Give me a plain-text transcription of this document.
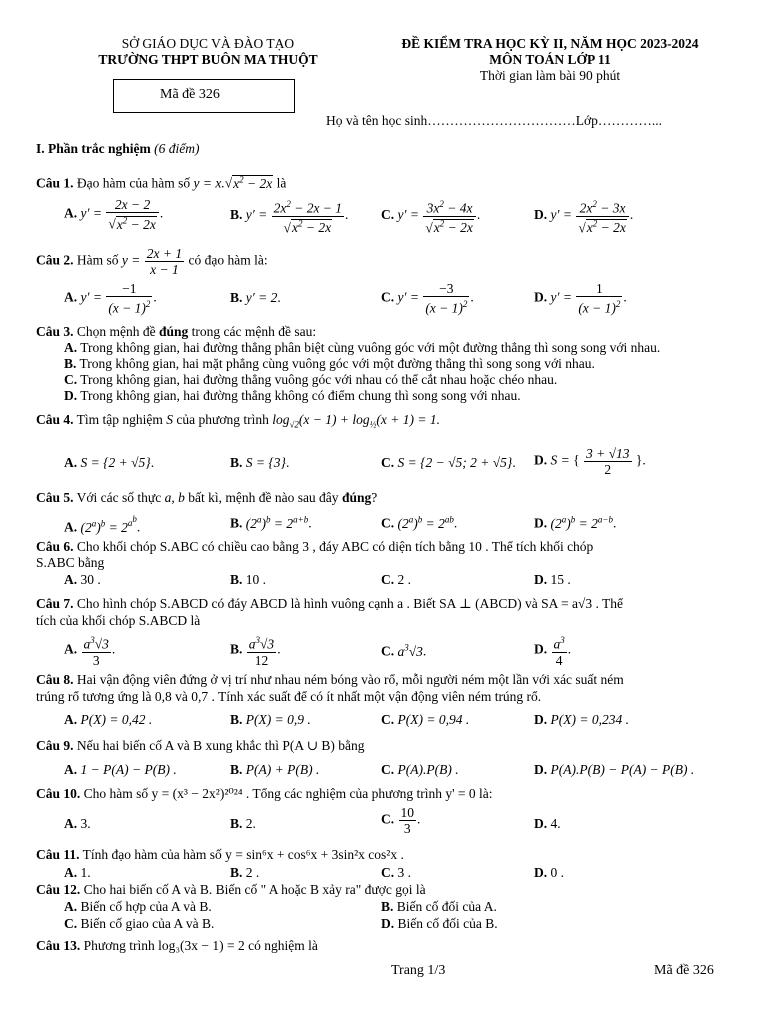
SỞ GIÁO DỤC VÀ ĐÀO TẠO
TRƯỜNG THPT BUÔN MA THUỘT
ĐỀ KIỂM TRA HỌC KỲ II, NĂM HỌC 2023-2024
MÔN TOÁN LỚP 11
Thời gian làm bài 90 phút
Mã đề 326
Họ và tên học sinh……………………………Lớp…………...
I. Phần trắc nghiệm (6 điểm)
Câu 1. Đạo hàm của hàm số $y = x.√x^2 - 2x$ là
A. $y' = \frac{2x - 2}{√x^2 - 2x}$ .	B. $y' = \frac{2x^2 - 2x - 1}{√x^2 - 2x}$ . C. $y' = \frac{3x^2 - 4x}{√x^2 - 2x}$ .	D. $y' = \frac{2x^2 - 3x}{√x^2 - 2x}$ .
Câu 2. Hàm số $y = \frac{2x + 1}{x - 1}$ có đạo hàm là:
A. $y' = \frac{-1}{(x - 1)^2}$ .	B. y′ = 2.	C. $y' = \frac{-3}{(x - 1)^2}$ .	D. $y' = \frac{1}{(x - 1)^2}$ .
Câu 3. Chọn mệnh đề đúng trong các mệnh đề sau:
A. Trong không gian, hai đường thẳng phân biệt cùng vuông góc với một đường thẳng thì song song với nhau.
B. Trong không gian, hai mặt phẳng cùng vuông góc với một đường thẳng thì song song với nhau.
C. Trong không gian, hai đường thẳng vuông góc với nhau có thể cắt nhau hoặc chéo nhau.
D. Trong không gian, hai đường thẳng không có điểm chung thì song song với nhau.
Câu 4. Tìm tập nghiệm S của phương trình $\log_{√2}(x - 1) + \log_{\frac{1}{2}}(x + 1) = 1$.
A. S = {2 + √5}.	B. S = {3}.	C. S = {2 − √5; 2 + √5}. D. S = { $\frac{3 + √13}{2}$ }.
Câu 5. Với các số thực a, b bất kì, mệnh đề nào sau đây đúng?
A. $(2^a)^b = 2^{a^b}$.	B. $(2^a)^b = 2^{a+b}$.	C. $(2^a)^b = 2^{ab}$.	D. $(2^a)^b = 2^{a-b}$.
Câu 6. Cho khối chóp S.ABC có chiều cao bằng 3 , đáy ABC có diện tích bằng 10 . Thể tích khối chóp
S.ABC bằng
A. 30 .	B. 10 .	C. 2 .	D. 15 .
Câu 7. Cho hình chóp S.ABCD có đáy ABCD là hình vuông cạnh a . Biết SA ⊥ (ABCD) và SA = a√3 . Thể
tích của khối chóp S.ABCD là
A. $\frac{a^3√3}{3}$ .	B. $\frac{a^3√3}{12}$ .	C. $a^3√3$.	D. $\frac{a^3}{4}$ .
Câu 8. Hai vận động viên đứng ở vị trí như nhau ném bóng vào rổ, mỗi người ném một lần với xác suất ném
trúng rổ tương ứng là 0,8 và 0,7 . Tính xác suất để có ít nhất một vận động viên ném trúng rổ.
A. P(X) = 0,42 .	B. P(X) = 0,9 .	C. P(X) = 0,94 .	D. P(X) = 0,234 .
Câu 9. Nếu hai biến cố A và B xung khắc thì P(A ∪ B) bằng
A. 1 − P(A) − P(B) .	B. P(A) + P(B) .	C. P(A).P(B) .	D. P(A).P(B) − P(A) − P(B) .
Câu 10. Cho hàm số y = (x³ − 2x²)²⁰²⁴ . Tổng các nghiệm của phương trình y' = 0 là:
A. 3.	B. 2.	C. $\frac{10}{3}$ .	D. 4.
Câu 11. Tính đạo hàm của hàm số y = sin⁶x + cos⁶x + 3sin²x cos²x .
A. 1.	B. 2 .	C. 3 .	D. 0 .
Câu 12. Cho hai biến cố A và B. Biến cố " A hoặc B xảy ra" được gọi là
A. Biến cố hợp của A và B.	B. Biến cố đối của A.
C. Biến cố giao của A và B.	D. Biến cố đối của B.
Câu 13. Phương trình log₃(3x − 1) = 2 có nghiệm là
Trang 1/3	Mã đề 326
